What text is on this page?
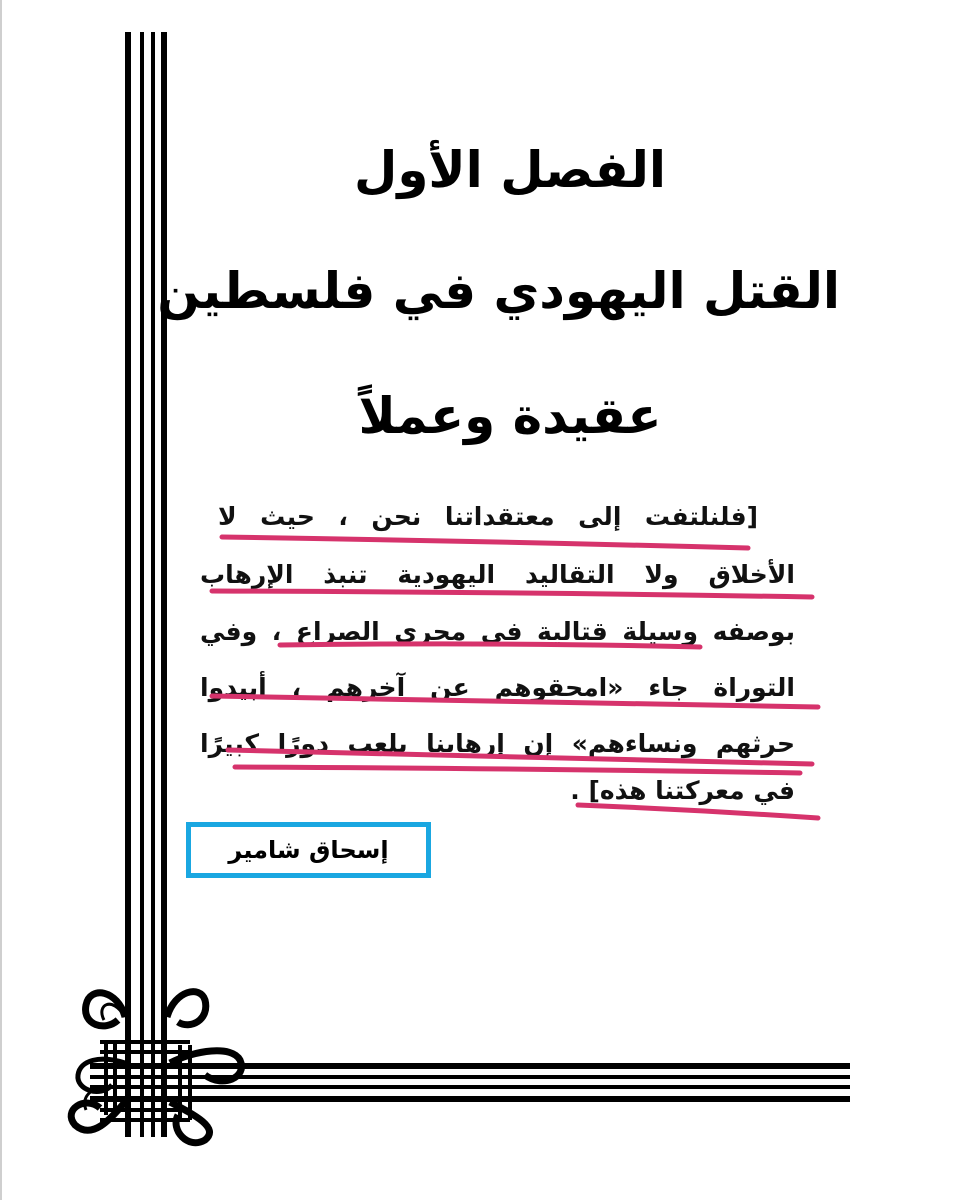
الفصل الأول
القتل اليهودي في فلسطين
عقيدة وعملاً
[فلنلتفت إلى معتقداتنا نحن ، حيث لا
الأخلاق ولا التقاليد اليهودية تنبذ الإرهاب
بوصفه وسيلة قتالية في مجرى الصراع ، وفي
التوراة جاء «امحقوهم عن آخرهم ، أبيدوا
حرثهم ونساءهم» إن إرهابنا يلعب دورًا كبيرًا
في معركتنا هذه] .
إسحاق شامير
